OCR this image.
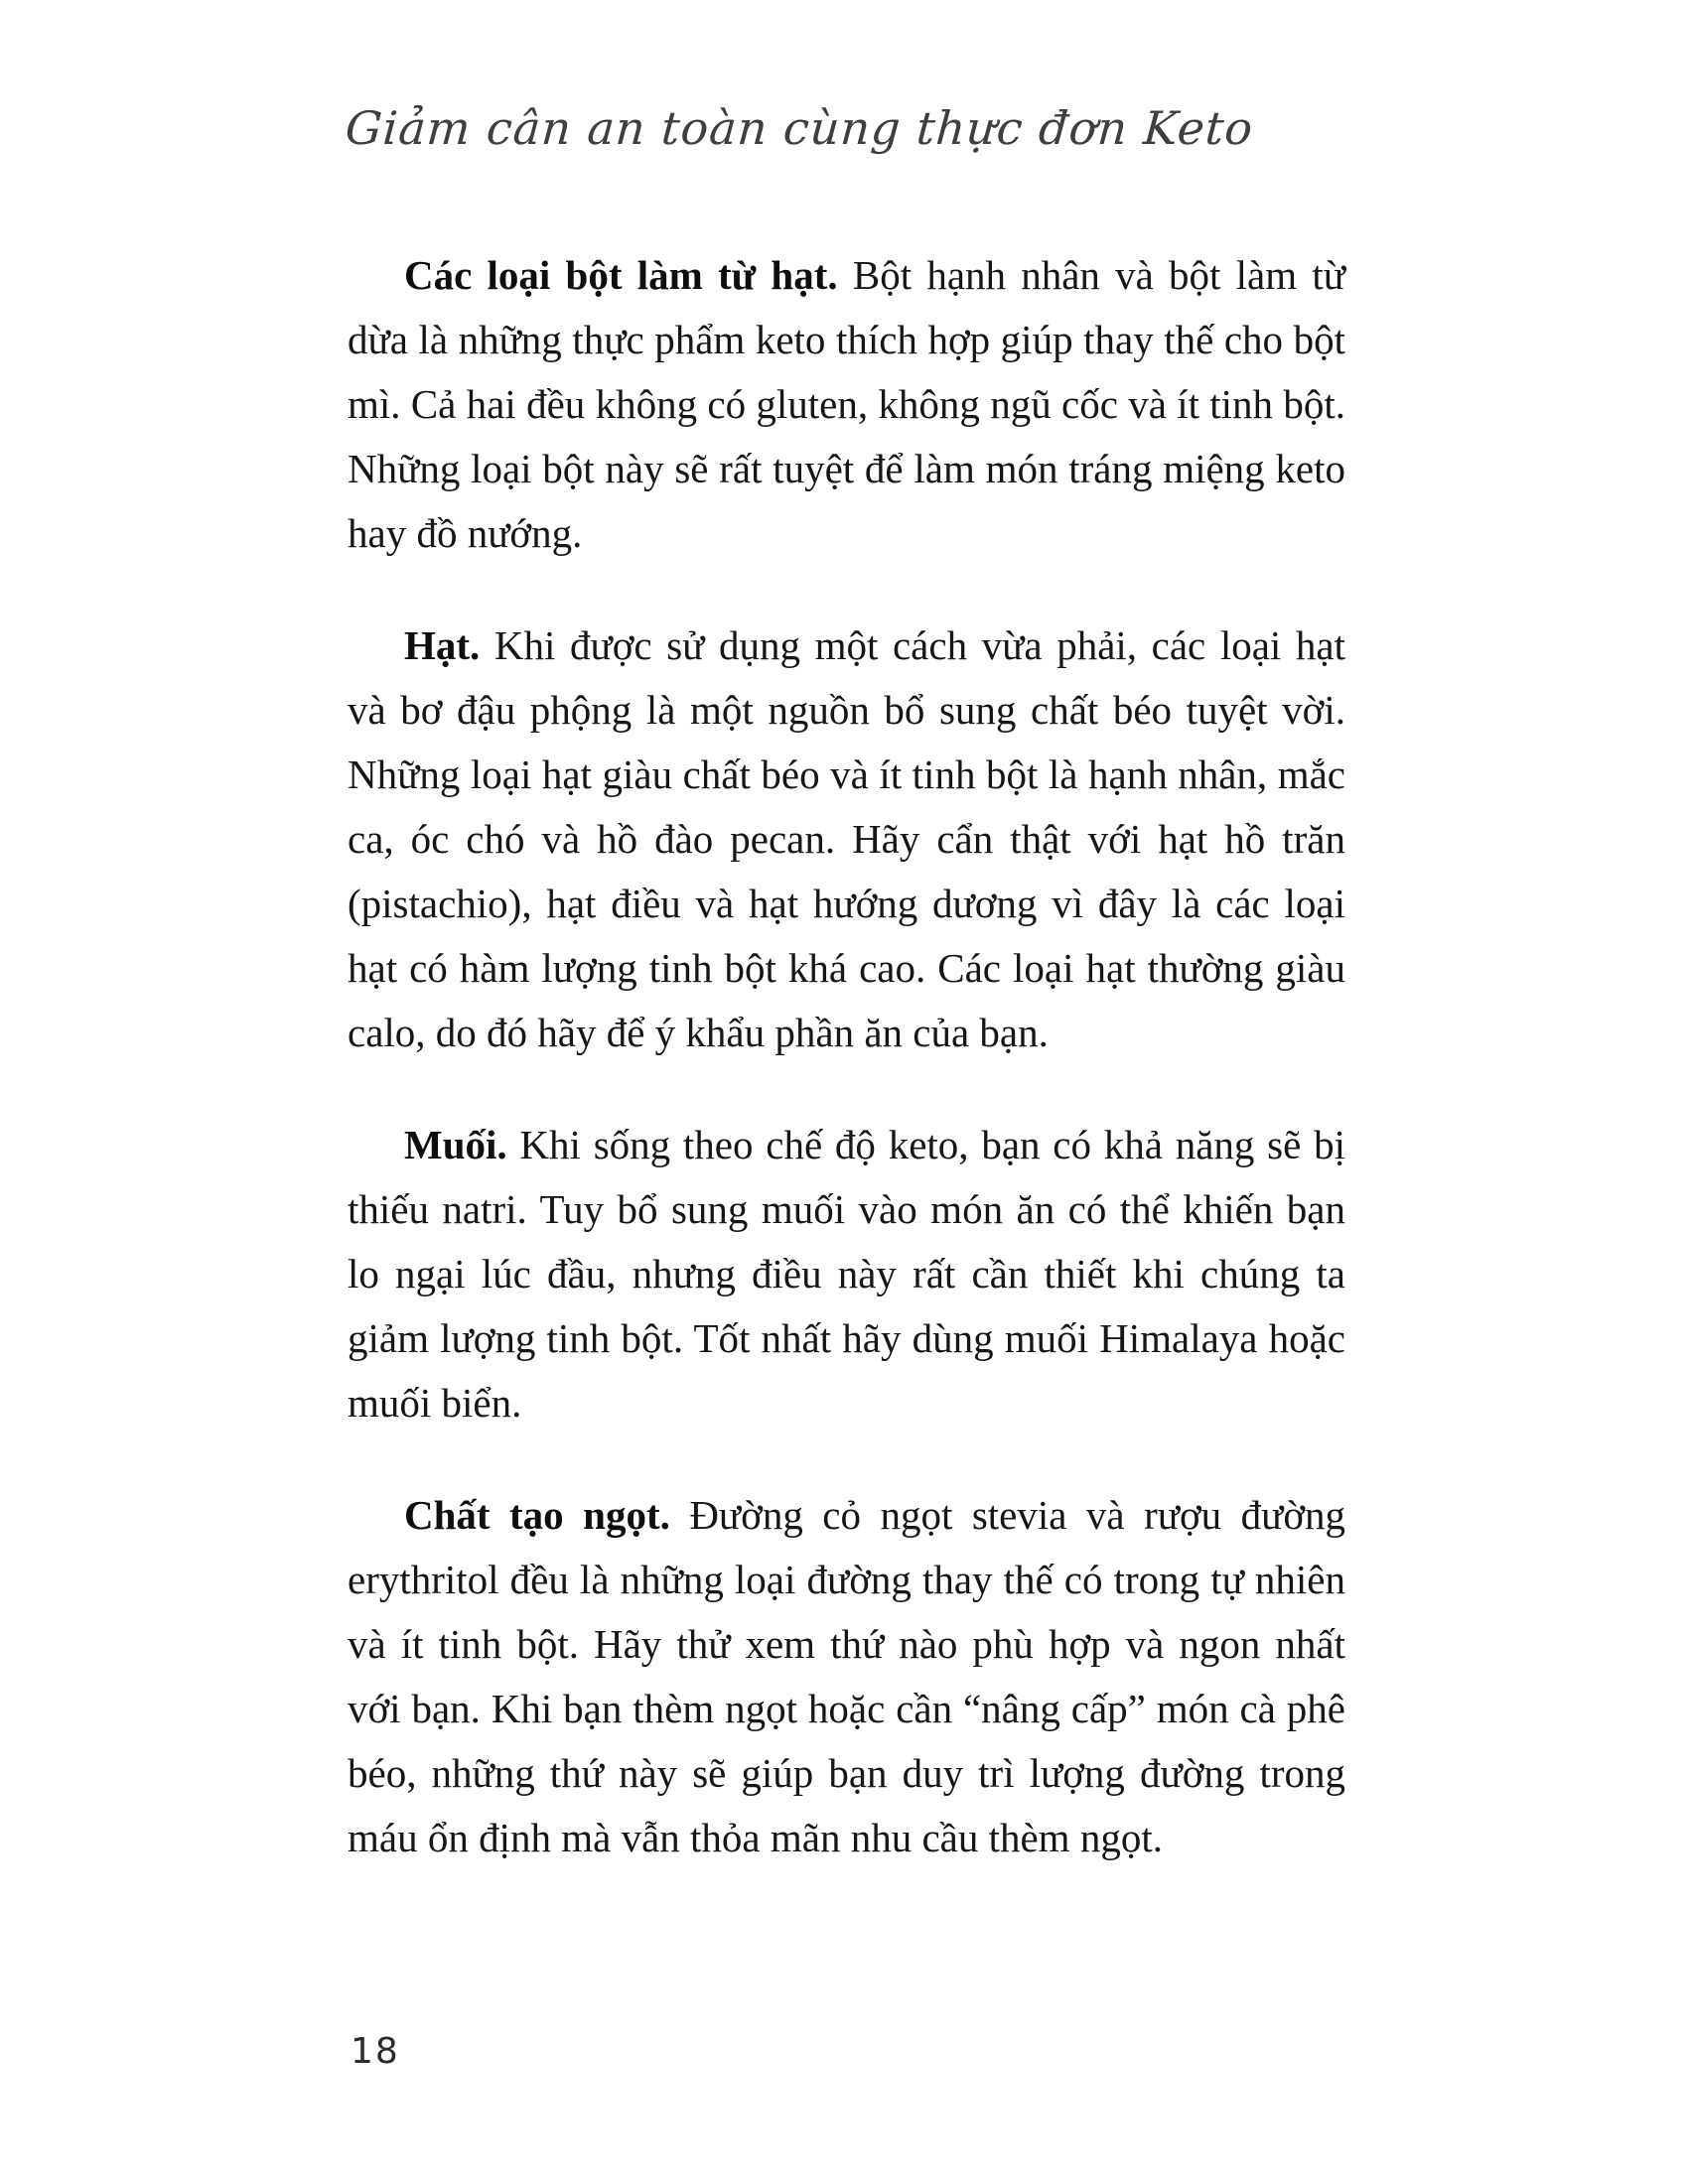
Giảm cân an toàn cùng thực đơn Keto

Các loại bột làm từ hạt. Bột hạnh nhân và bột làm từ dừa là những thực phẩm keto thích hợp giúp thay thế cho bột mì. Cả hai đều không có gluten, không ngũ cốc và ít tinh bột. Những loại bột này sẽ rất tuyệt để làm món tráng miệng keto hay đồ nướng.

Hạt. Khi được sử dụng một cách vừa phải, các loại hạt và bơ đậu phộng là một nguồn bổ sung chất béo tuyệt vời. Những loại hạt giàu chất béo và ít tinh bột là hạnh nhân, mắc ca, óc chó và hồ đào pecan. Hãy cẩn thật với hạt hồ trăn (pistachio), hạt điều và hạt hướng dương vì đây là các loại hạt có hàm lượng tinh bột khá cao. Các loại hạt thường giàu calo, do đó hãy để ý khẩu phần ăn của bạn.

Muối. Khi sống theo chế độ keto, bạn có khả năng sẽ bị thiếu natri. Tuy bổ sung muối vào món ăn có thể khiến bạn lo ngại lúc đầu, nhưng điều này rất cần thiết khi chúng ta giảm lượng tinh bột. Tốt nhất hãy dùng muối Himalaya hoặc muối biển.

Chất tạo ngọt. Đường cỏ ngọt stevia và rượu đường erythritol đều là những loại đường thay thế có trong tự nhiên và ít tinh bột. Hãy thử xem thứ nào phù hợp và ngon nhất với bạn. Khi bạn thèm ngọt hoặc cần “nâng cấp” món cà phê béo, những thứ này sẽ giúp bạn duy trì lượng đường trong máu ổn định mà vẫn thỏa mãn nhu cầu thèm ngọt.

18
